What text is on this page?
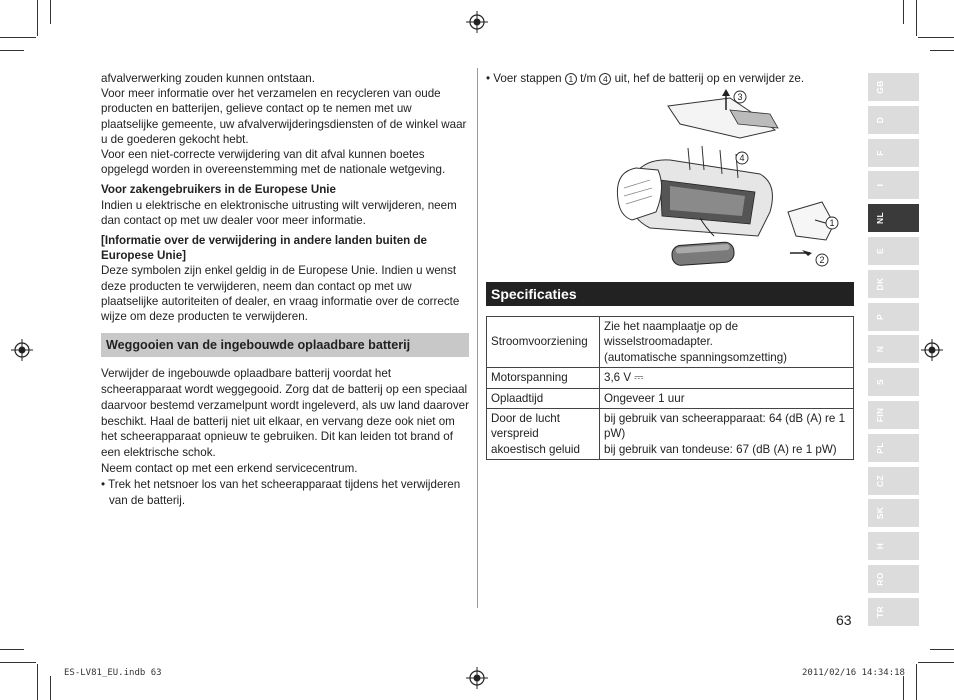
afvalverwerking zouden kunnen ontstaan.

Voor meer informatie over het verzamelen en recycleren van oude producten en batterijen, gelieve contact op te nemen met uw plaatselijke gemeente, uw afvalverwijderingsdiensten of de winkel waar u de goederen gekocht hebt.

Voor een niet-correcte verwijdering van dit afval kunnen boetes opgelegd worden in overeenstemming met de nationale wetgeving.

Voor zakengebruikers in de Europese Unie

Indien u elektrische en elektronische uitrusting wilt verwijderen, neem dan contact op met uw dealer voor meer informatie.

[Informatie over de verwijdering in andere landen buiten de Europese Unie]

Deze symbolen zijn enkel geldig in de Europese Unie. Indien u wenst deze producten te verwijderen, neem dan contact op met uw plaatselijke autoriteiten of dealer, en vraag informatie over de correcte wijze om deze producten te verwijderen.

Weggooien van de ingebouwde oplaadbare batterij

Verwijder de ingebouwde oplaadbare batterij voordat het scheerapparaat wordt weggegooid. Zorg dat de batterij op een speciaal daarvoor bestemd verzamelpunt wordt ingeleverd, als uw land daarover beschikt. Haal de batterij niet uit elkaar, en vervang deze ook niet om het scheerapparaat opnieuw te gebruiken. Dit kan leiden tot brand of een elektrische schok.

Neem contact op met een erkend servicecentrum.

• Trek het netsnoer los van het scheerapparaat tijdens het verwijderen van de batterij.

• Voer stappen 1 t/m 4 uit, hef de batterij op en verwijder ze.

3
4
1
2
Specificaties
Stroomvoorziening	Zie het naamplaatje op de wisselstroomadapter.
(automatische spanningsomzetting)
Motorspanning	3,6 V ⎓
Oplaadtijd	Ongeveer 1 uur
Door de lucht verspreid akoestisch geluid	bij gebruik van scheerapparaat: 64 (dB (A) re 1 pW)
bij gebruik van tondeuse: 67 (dB (A) re 1 pW)
GB
D
F
I
NL
E
DK
P
N
S
FIN
PL
CZ
SK
H
RO
TR
63
ES-LV81_EU.indb 63	2011/02/16 14:34:18
